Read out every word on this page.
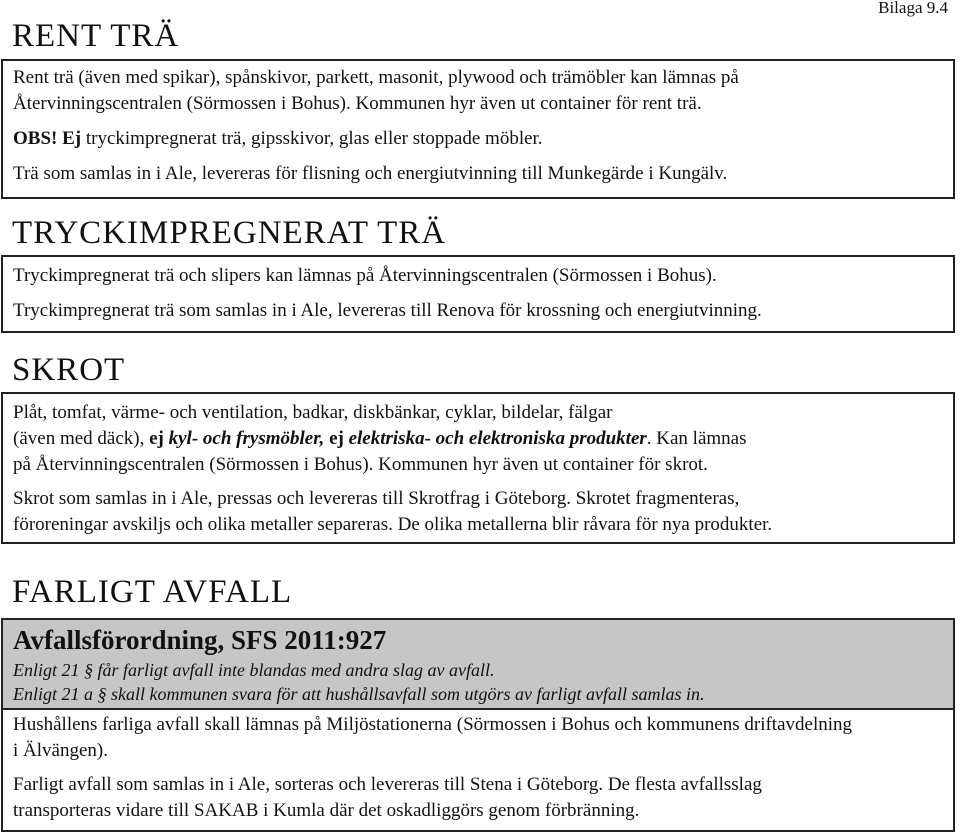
Bilaga 9.4
RENT TRÄ

Rent trä (även med spikar), spånskivor, parkett, masonit, plywood och trämöbler kan lämnas på

Återvinningscentralen (Sörmossen i Bohus). Kommunen hyr även ut container för rent trä.

OBS! Ej tryckimpregnerat trä, gipsskivor, glas eller stoppade möbler.

Trä som samlas in i Ale, levereras för flisning och energiutvinning till Munkegärde i Kungälv.

TRYCKIMPREGNERAT TRÄ

Tryckimpregnerat trä och slipers kan lämnas på Återvinningscentralen (Sörmossen i Bohus).

Tryckimpregnerat trä som samlas in i Ale, levereras till Renova för krossning och energiutvinning.

SKROT

Plåt, tomfat, värme- och ventilation, badkar, diskbänkar, cyklar, bildelar, fälgar

(även med däck), ej kyl- och frysmöbler, ej elektriska- och elektroniska produkter. Kan lämnas

på Återvinningscentralen (Sörmossen i Bohus). Kommunen hyr även ut container för skrot.

Skrot som samlas in i Ale, pressas och levereras till Skrotfrag i Göteborg. Skrotet fragmenteras,

föroreningar avskiljs och olika metaller separeras. De olika metallerna blir råvara för nya produkter.

FARLIGT AVFALL

Avfallsförordning, SFS 2011:927

Enligt 21 § får farligt avfall inte blandas med andra slag av avfall.

Enligt 21 a § skall kommunen svara för att hushållsavfall som utgörs av farligt avfall samlas in.

Hushållens farliga avfall skall lämnas på Miljöstationerna (Sörmossen i Bohus och kommunens driftavdelning

i Älvängen).

Farligt avfall som samlas in i Ale, sorteras och levereras till Stena i Göteborg. De flesta avfallsslag

transporteras vidare till SAKAB i Kumla där det oskadliggörs genom förbränning.
